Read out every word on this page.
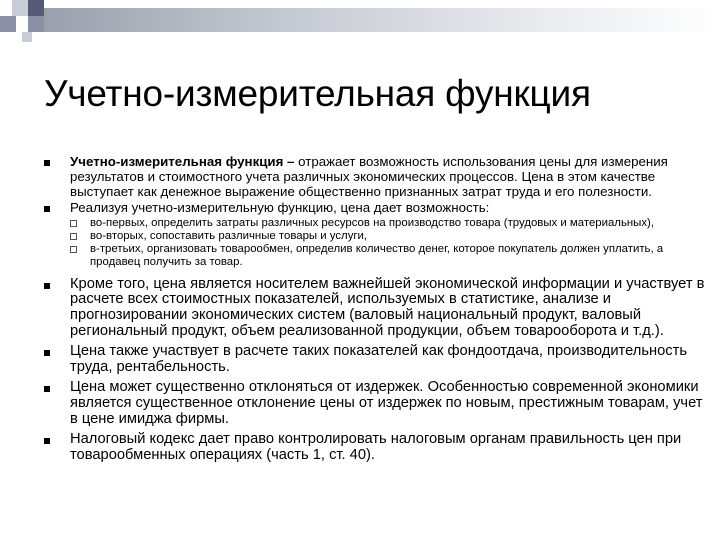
Учетно-измерительная функция
Учетно-измерительная функция – отражает возможность использования цены для измерения результатов и стоимостного учета различных экономических процессов. Цена в этом качестве выступает как денежное выражение общественно признанных затрат труда и его полезности.
Реализуя учетно-измерительную функцию, цена дает возможность:
во-первых, определить затраты различных ресурсов на производство товара (трудовых и материальных),
во-вторых, сопоставить различные товары и услуги,
в-третьих, организовать товарообмен, определив количество денег, которое покупатель должен уплатить, а продавец получить за товар.
Кроме того, цена является носителем важнейшей экономической информации и участвует в расчете всех стоимостных показателей, используемых в статистике, анализе и прогнозировании экономических систем (валовый национальный продукт, валовый региональный продукт, объем реализованной продукции, объем товарооборота и т.д.).
Цена также участвует в расчете таких показателей как фондоотдача, производительность труда, рентабельность.
Цена может существенно отклоняться от издержек. Особенностью современной экономики является существенное отклонение цены от издержек по новым, престижным товарам, учет в цене имиджа фирмы.
Налоговый кодекс дает право контролировать налоговым органам правильность цен при товарообменных операциях (часть 1, ст. 40).
